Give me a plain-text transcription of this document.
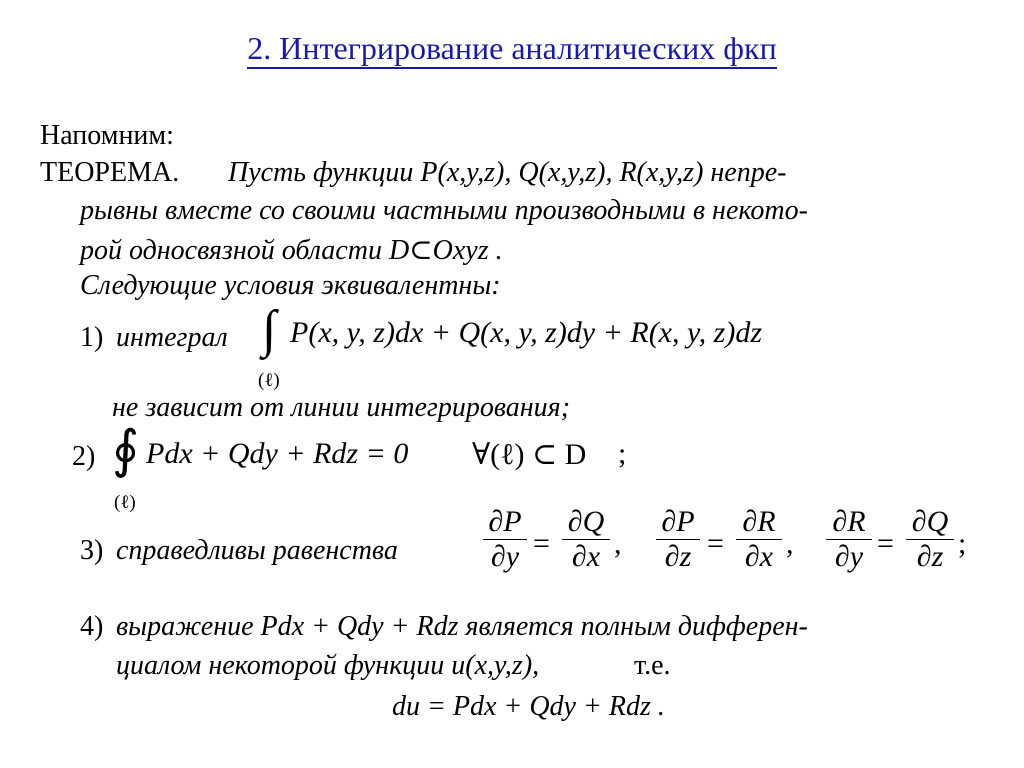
2. Интегрирование аналитических фкп
Напомним:
ТЕОРЕМА. Пусть функции P(x,y,z), Q(x,y,z), R(x,y,z) непре-
рывны вместе со своими частными производными в некото-
рой односвязной области D⊂Oxyz .
Следующие условия эквивалентны:
1) интеграл ∫ P(x, y, z)dx + Q(x, y, z)dy + R(x, y, z)dz
(ℓ)
не зависит от линии интегрирования;
2) ∮ Pdx + Qdy + Rdz = 0 ∀(ℓ) ⊂ D ;
(ℓ)
3) справедливы равенства	$\frac{\partial P}{\partial y} = \frac{\partial Q}{\partial x}$ , $\frac{\partial P}{\partial z} = \frac{\partial R}{\partial x}$ , $\frac{\partial R}{\partial y} = \frac{\partial Q}{\partial z}$ ;
4) выражение Pdx + Qdy + Rdz является полным дифферен-
циалом некоторой функции u(x,y,z),	т.е.
du = Pdx + Qdy + Rdz .
